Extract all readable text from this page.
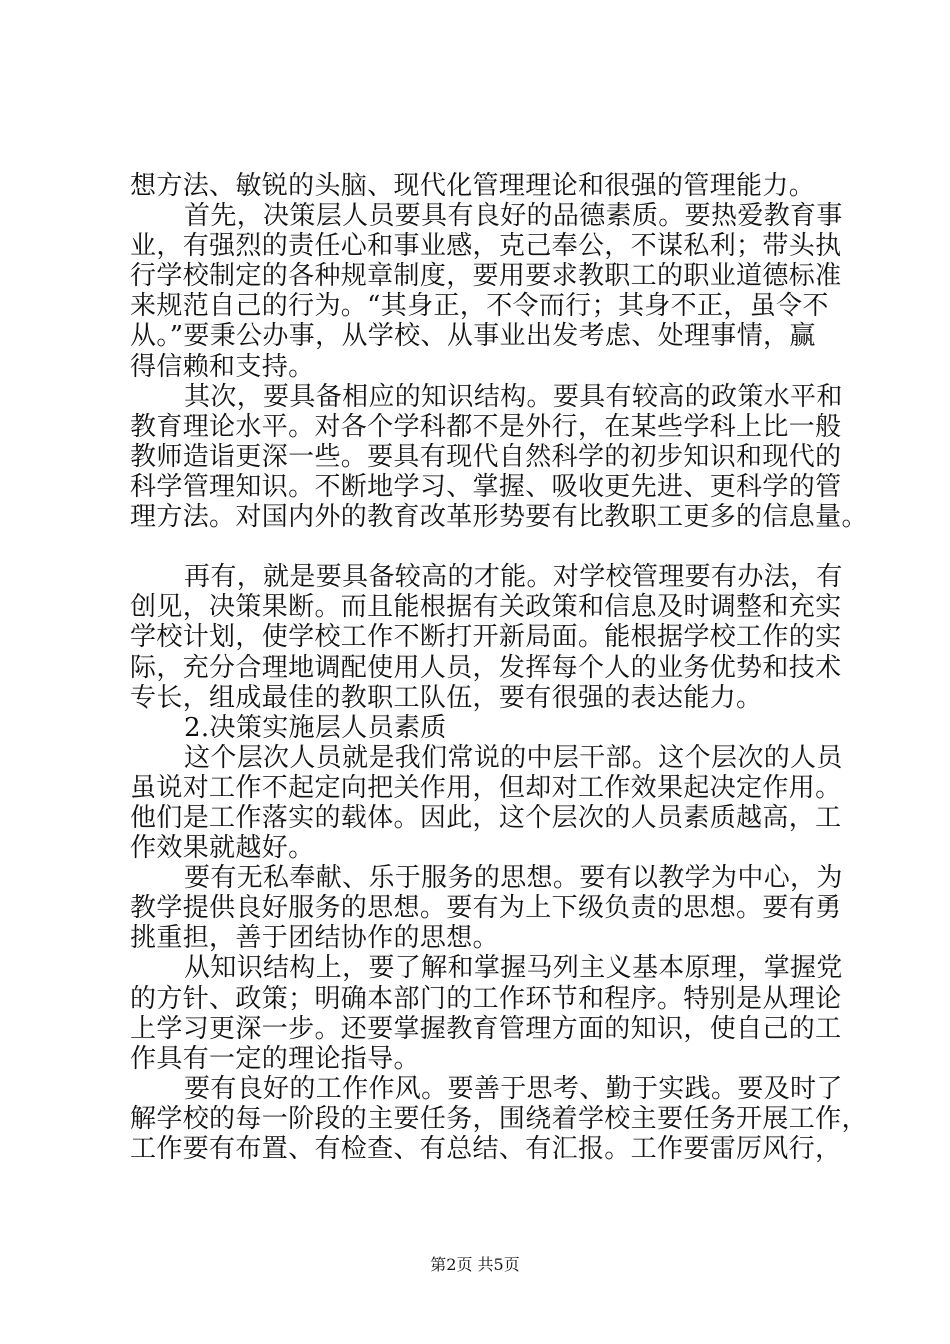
想方法、敏锐的头脑、现代化管理理论和很强的管理能力。
首先，决策层人员要具有良好的品德素质。要热爱教育事
业，有强烈的责任心和事业感，克己奉公，不谋私利；带头执
行学校制定的各种规章制度，要用要求教职工的职业道德标准
来规范自己的行为。“其身正，不令而行；其身不正，虽令不
从。”要秉公办事，从学校、从事业出发考虑、处理事情，赢
得信赖和支持。
其次，要具备相应的知识结构。要具有较高的政策水平和
教育理论水平。对各个学科都不是外行，在某些学科上比一般
教师造诣更深一些。要具有现代自然科学的初步知识和现代的
科学管理知识。不断地学习、掌握、吸收更先进、更科学的管
理方法。对国内外的教育改革形势要有比教职工更多的信息量。
再有，就是要具备较高的才能。对学校管理要有办法，有
创见，决策果断。而且能根据有关政策和信息及时调整和充实
学校计划，使学校工作不断打开新局面。能根据学校工作的实
际，充分合理地调配使用人员，发挥每个人的业务优势和技术
专长，组成最佳的教职工队伍，要有很强的表达能力。
2.决策实施层人员素质
这个层次人员就是我们常说的中层干部。这个层次的人员
虽说对工作不起定向把关作用，但却对工作效果起决定作用。
他们是工作落实的载体。因此，这个层次的人员素质越高，工
作效果就越好。
要有无私奉献、乐于服务的思想。要有以教学为中心，为
教学提供良好服务的思想。要有为上下级负责的思想。要有勇
挑重担，善于团结协作的思想。
从知识结构上，要了解和掌握马列主义基本原理，掌握党
的方针、政策；明确本部门的工作环节和程序。特别是从理论
上学习更深一步。还要掌握教育管理方面的知识，使自己的工
作具有一定的理论指导。
要有良好的工作作风。要善于思考、勤于实践。要及时了
解学校的每一阶段的主要任务，围绕着学校主要任务开展工作，
工作要有布置、有检查、有总结、有汇报。工作要雷厉风行，
第2页 共5页
